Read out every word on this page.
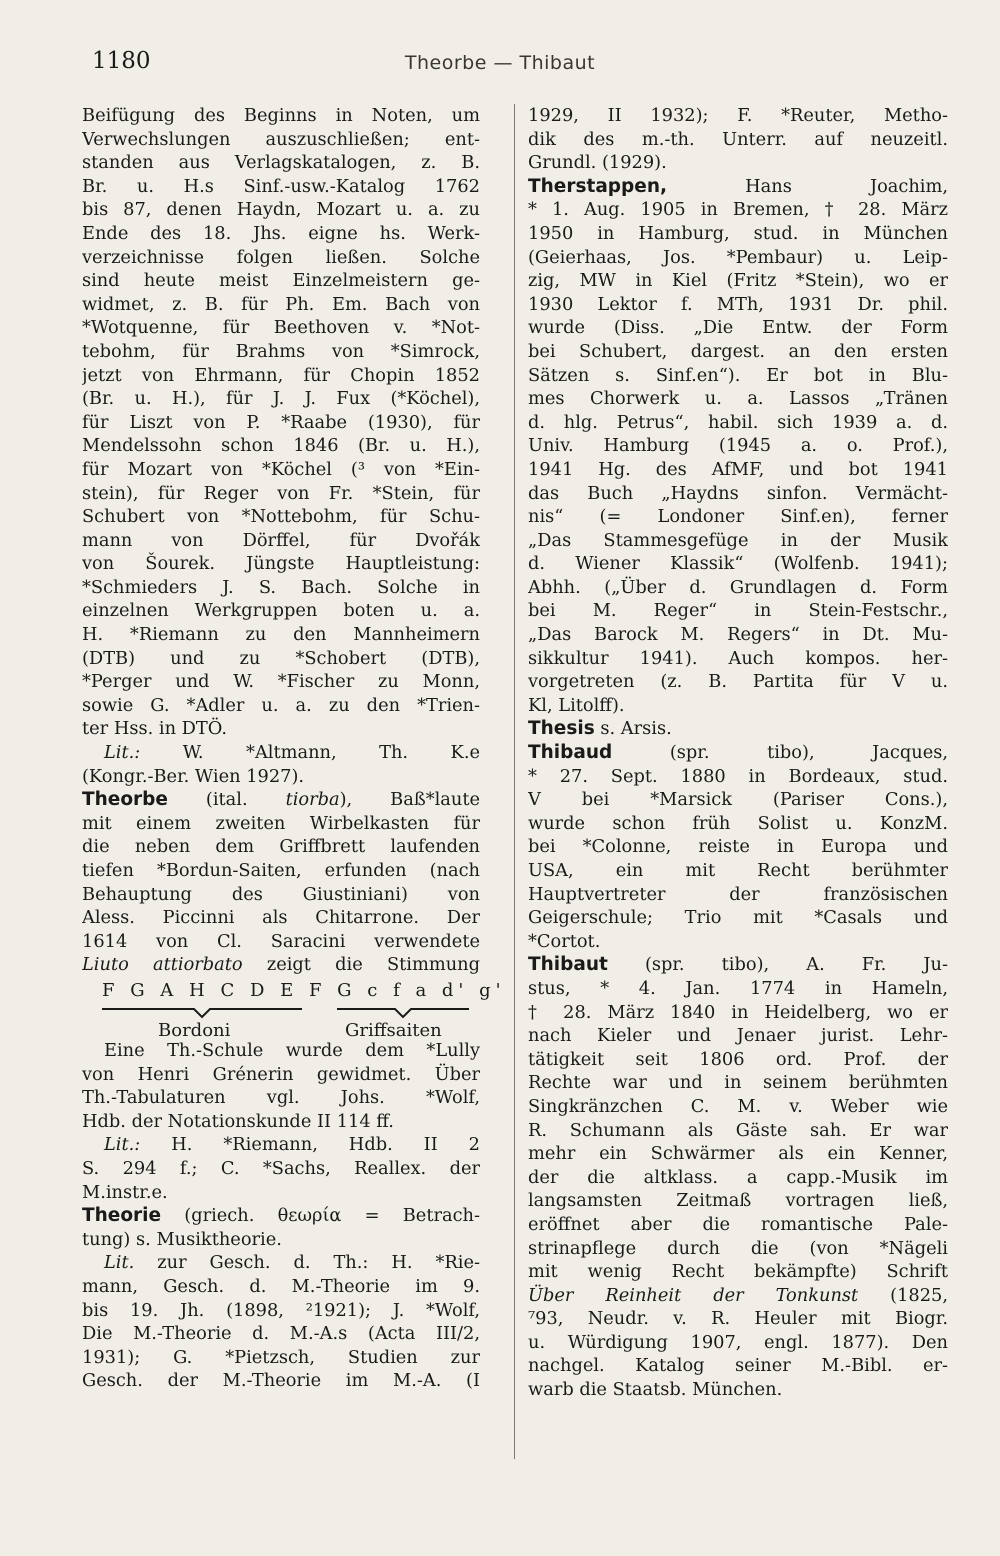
1180	Theorbe — Thibaut
Beifügung des Beginns in Noten, um
Verwechslungen auszuschließen; ent-
standen aus Verlagskatalogen, z. B.
Br. u. H.s Sinf.-usw.-Katalog 1762
bis 87, denen Haydn, Mozart u. a. zu
Ende des 18. Jhs. eigne hs. Werk-
verzeichnisse folgen ließen. Solche
sind heute meist Einzelmeistern ge-
widmet, z. B. für Ph. Em. Bach von
*Wotquenne, für Beethoven v. *Not-
tebohm, für Brahms von *Simrock,
jetzt von Ehrmann, für Chopin 1852
(Br. u. H.), für J. J. Fux (*Köchel),
für Liszt von P. *Raabe (1930), für
Mendelssohn schon 1846 (Br. u. H.),
für Mozart von *Köchel (³ von *Ein-
stein), für Reger von Fr. *Stein, für
Schubert von *Nottebohm, für Schu-
mann von Dörffel, für Dvořák
von Šourek. Jüngste Hauptleistung:
*Schmieders J. S. Bach. Solche in
einzelnen Werkgruppen boten u. a.
H. *Riemann zu den Mannheimern
(DTB) und zu *Schobert (DTB),
*Perger und W. *Fischer zu Monn,
sowie G. *Adler u. a. zu den *Trien-
ter Hss. in DTÖ.
Lit.: W. *Altmann, Th. K.e
(Kongr.-Ber. Wien 1927).
Theorbe (ital. tiorba), Baß*laute
mit einem zweiten Wirbelkasten für
die neben dem Griffbrett laufenden
tiefen *Bordun-Saiten, erfunden (nach
Behauptung des Giustiniani) von
Aless. Piccinni als Chitarrone. Der
1614 von Cl. Saracini verwendete
Liuto attiorbato zeigt die Stimmung
F G A H C D E F G c f a d' g'
Bordoni	Griffsaiten
Eine Th.-Schule wurde dem *Lully
von Henri Grénerin gewidmet. Über
Th.-Tabulaturen vgl. Johs. *Wolf,
Hdb. der Notationskunde II 114 ff.
Lit.: H. *Riemann, Hdb. II 2
S. 294 f.; C. *Sachs, Reallex. der
M.instr.e.
Theorie (griech. θεωρία = Betrach-
tung) s. Musiktheorie.
Lit. zur Gesch. d. Th.: H. *Rie-
mann, Gesch. d. M.-Theorie im 9.
bis 19. Jh. (1898, ²1921); J. *Wolf,
Die M.-Theorie d. M.-A.s (Acta III/2,
1931); G. *Pietzsch, Studien zur
Gesch. der M.-Theorie im M.-A. (I
1929, II 1932); F. *Reuter, Metho-
dik des m.-th. Unterr. auf neuzeitl.
Grundl. (1929).
Therstappen, Hans Joachim,
* 1. Aug. 1905 in Bremen, † 28. März
1950 in Hamburg, stud. in München
(Geierhaas, Jos. *Pembaur) u. Leip-
zig, MW in Kiel (Fritz *Stein), wo er
1930 Lektor f. MTh, 1931 Dr. phil.
wurde (Diss. „Die Entw. der Form
bei Schubert, dargest. an den ersten
Sätzen s. Sinf.en“). Er bot in Blu-
mes Chorwerk u. a. Lassos „Tränen
d. hlg. Petrus“, habil. sich 1939 a. d.
Univ. Hamburg (1945 a. o. Prof.),
1941 Hg. des AfMF, und bot 1941
das Buch „Haydns sinfon. Vermächt-
nis“ (= Londoner Sinf.en), ferner
„Das Stammesgefüge in der Musik
d. Wiener Klassik“ (Wolfenb. 1941);
Abhh. („Über d. Grundlagen d. Form
bei M. Reger“ in Stein-Festschr.,
„Das Barock M. Regers“ in Dt. Mu-
sikkultur 1941). Auch kompos. her-
vorgetreten (z. B. Partita für V u.
Kl, Litolff).
Thesis s. Arsis.
Thibaud (spr. tibo), Jacques,
* 27. Sept. 1880 in Bordeaux, stud.
V bei *Marsick (Pariser Cons.),
wurde schon früh Solist u. KonzM.
bei *Colonne, reiste in Europa und
USA, ein mit Recht berühmter
Hauptvertreter der französischen
Geigerschule; Trio mit *Casals und
*Cortot.
Thibaut (spr. tibo), A. Fr. Ju-
stus, * 4. Jan. 1774 in Hameln,
† 28. März 1840 in Heidelberg, wo er
nach Kieler und Jenaer jurist. Lehr-
tätigkeit seit 1806 ord. Prof. der
Rechte war und in seinem berühmten
Singkränzchen C. M. v. Weber wie
R. Schumann als Gäste sah. Er war
mehr ein Schwärmer als ein Kenner,
der die altklass. a capp.-Musik im
langsamsten Zeitmaß vortragen ließ,
eröffnet aber die romantische Pale-
strinapflege durch die (von *Nägeli
mit wenig Recht bekämpfte) Schrift
Über Reinheit der Tonkunst (1825,
⁷93, Neudr. v. R. Heuler mit Biogr.
u. Würdigung 1907, engl. 1877). Den
nachgel. Katalog seiner M.-Bibl. er-
warb die Staatsb. München.
